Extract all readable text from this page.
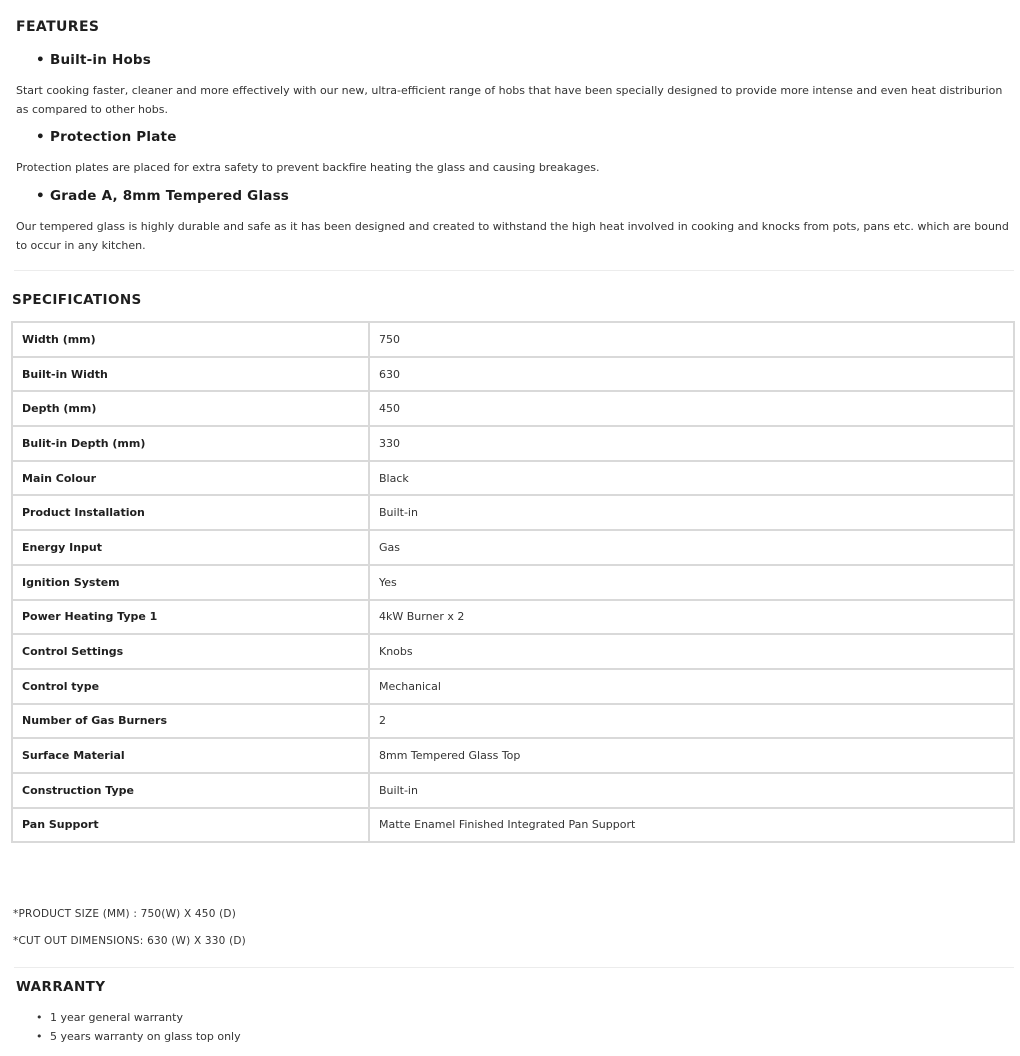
FEATURES
• Built-in Hobs
Start cooking faster, cleaner and more effectively with our new, ultra-efficient range of hobs that have been specially designed to provide more intense and even heat distriburion as compared to other hobs.
• Protection Plate
Protection plates are placed for extra safety to prevent backfire heating the glass and causing breakages.
• Grade A, 8mm Tempered Glass
Our tempered glass is highly durable and safe as it has been designed and created to withstand the high heat involved in cooking and knocks from pots, pans etc. which are bound to occur in any kitchen.
SPECIFICATIONS
Width (mm)	750
Built-in Width	630
Depth (mm)	450
Bulit-in Depth (mm)	330
Main Colour	Black
Product Installation	Built-in
Energy Input	Gas
Ignition System	Yes
Power Heating Type 1	4kW Burner x 2
Control Settings	Knobs
Control type	Mechanical
Number of Gas Burners	2
Surface Material	8mm Tempered Glass Top
Construction Type	Built-in
Pan Support	Matte Enamel Finished Integrated Pan Support
*PRODUCT SIZE (MM) : 750(W) X 450 (D)
*CUT OUT DIMENSIONS: 630 (W) X 330 (D)
WARRANTY
• 1 year general warranty
• 5 years warranty on glass top only
